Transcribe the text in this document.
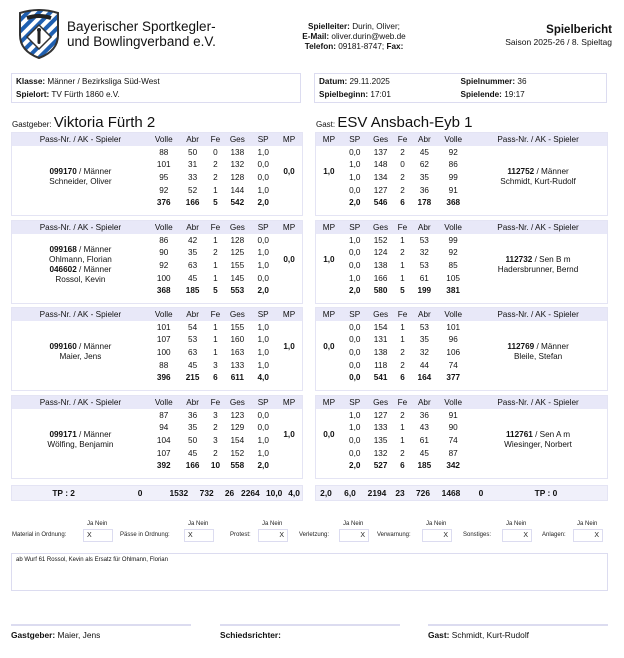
Bayerischer Sportkegler-
und Bowlingverband e.V.
Spielleiter: Durin, Oliver;
E-Mail: oliver.durin@web.de
Telefon: 09181-8747; Fax:
Spielbericht
Saison 2025-26 / 8. Spieltag
Klasse: Männer / Bezirksliga Süd-West
Spielort: TV Fürth 1860 e.V.
Datum: 29.11.2025	Spielnummer: 36
Spielbeginn: 17:01	Spielende: 19:17
Gastgeber: Viktoria Fürth 2	Gast: ESV Ansbach-Eyb 1
Pass-Nr. / AK - Spieler	Volle	Abr	Fe	Ges	SP	MP

099170 / Männer
Schneider, Oliver	88	50	0	138	1,0	0,0
	101	31	2	132	0,0	
	95	33	2	128	0,0	
	92	52	1	144	1,0	
	376	166	5	542	2,0	
Pass-Nr. / AK - Spieler	Volle	Abr	Fe	Ges	SP	MP

099168 / Männer
Ohlmann, Florian
046602 / Männer
Rossol, Kevin	86	42	1	128	0,0	0,0
	90	35	2	125	1,0	
	92	63	1	155	1,0	
	100	45	1	145	0,0	
	368	185	5	553	2,0	
Pass-Nr. / AK - Spieler	Volle	Abr	Fe	Ges	SP	MP

099160 / Männer
Maier, Jens	101	54	1	155	1,0	1,0
	107	53	1	160	1,0	
	100	63	1	163	1,0	
	88	45	3	133	1,0	
	396	215	6	611	4,0	
Pass-Nr. / AK - Spieler	Volle	Abr	Fe	Ges	SP	MP

099171 / Männer
Wölfing, Benjamin	87	36	3	123	0,0	1,0
	94	35	2	129	0,0	
	104	50	3	154	1,0	
	107	45	2	152	1,0	
	392	166	10	558	2,0	
MP	SP	Ges	Fe	Abr	Volle	Pass-Nr. / AK - Spieler
1,0	0,0	137	2	45	92	112752 / Männer
Schmidt, Kurt-Rudolf

	1,0	148	0	62	86	
	1,0	134	2	35	99	
	0,0	127	2	36	91	
	2,0	546	6	178	368	
MP	SP	Ges	Fe	Abr	Volle	Pass-Nr. / AK - Spieler
1,0	1,0	152	1	53	99	112732 / Sen B m
Hadersbrunner, Bernd

	0,0	124	2	32	92	
	0,0	138	1	53	85	
	1,0	166	1	61	105	
	2,0	580	5	199	381	
MP	SP	Ges	Fe	Abr	Volle	Pass-Nr. / AK - Spieler
0,0	0,0	154	1	53	101	112769 / Männer
Bleile, Stefan

	0,0	131	1	35	96	
	0,0	138	2	32	106	
	0,0	118	2	44	74	
	0,0	541	6	164	377	
MP	SP	Ges	Fe	Abr	Volle	Pass-Nr. / AK - Spieler
0,0	1,0	127	2	36	91	112761 / Sen A m
Wiesinger, Norbert

	1,0	133	1	43	90	
	0,0	135	1	61	74	
	0,0	132	2	45	87	
	2,0	527	6	185	342	
TP : 2	0	1532	732	26 2264 10,0 4,0	2,0	6,0	2194	23	726	1468	0	TP : 0
Material in Ordnung:
Ja Nein
X	Pässe in Ordnung:
Ja Nein
X	Protest:
Ja Nein
X	Verletzung:
Ja Nein
X	Verwarnung:
Ja Nein
X	Sonstiges:
Ja Nein
X	Anlagen:
Ja Nein
X
ab Wurf 61 Rossol, Kevin als Ersatz für Ohlmann, Florian
Gastgeber: Maier, Jens	Schiedsrichter:	Gast: Schmidt, Kurt-Rudolf
